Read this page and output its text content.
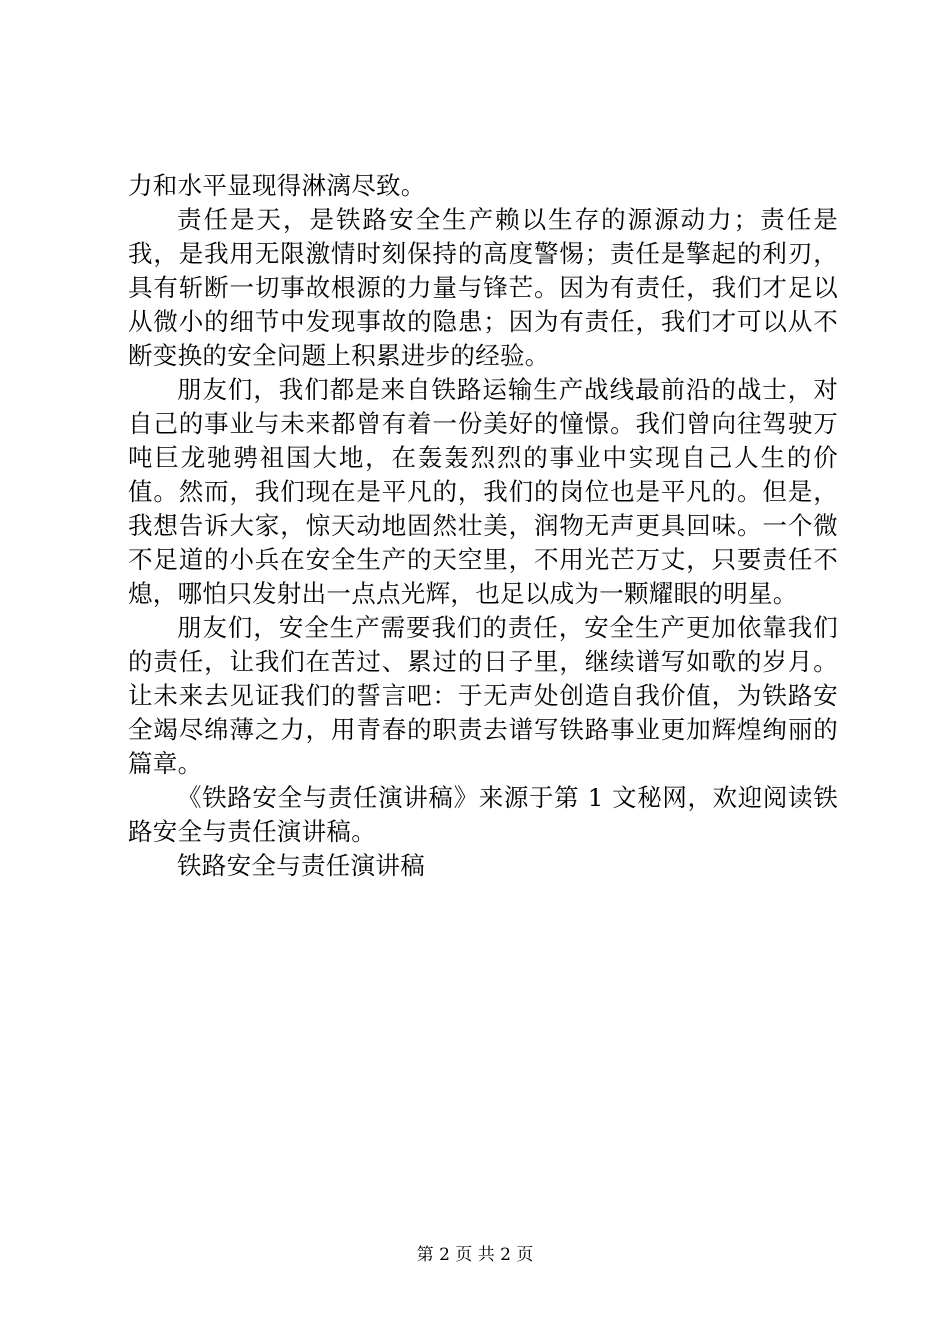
力和水平显现得淋漓尽致。

责任是天，是铁路安全生产赖以生存的源源动力；责任是我，是我用无限激情时刻保持的高度警惕；责任是擎起的利刃，具有斩断一切事故根源的力量与锋芒。因为有责任，我们才足以从微小的细节中发现事故的隐患；因为有责任，我们才可以从不断变换的安全问题上积累进步的经验。

朋友们，我们都是来自铁路运输生产战线最前沿的战士，对自己的事业与未来都曾有着一份美好的憧憬。我们曾向往驾驶万吨巨龙驰骋祖国大地，在轰轰烈烈的事业中实现自己人生的价值。然而，我们现在是平凡的，我们的岗位也是平凡的。但是，我想告诉大家，惊天动地固然壮美，润物无声更具回味。一个微不足道的小兵在安全生产的天空里，不用光芒万丈，只要责任不熄，哪怕只发射出一点点光辉，也足以成为一颗耀眼的明星。

朋友们，安全生产需要我们的责任，安全生产更加依靠我们的责任，让我们在苦过、累过的日子里，继续谱写如歌的岁月。让未来去见证我们的誓言吧：于无声处创造自我价值，为铁路安全竭尽绵薄之力，用青春的职责去谱写铁路事业更加辉煌绚丽的篇章。

《铁路安全与责任演讲稿》来源于第 1 文秘网，欢迎阅读铁路安全与责任演讲稿。

铁路安全与责任演讲稿

第 2 页 共 2 页
